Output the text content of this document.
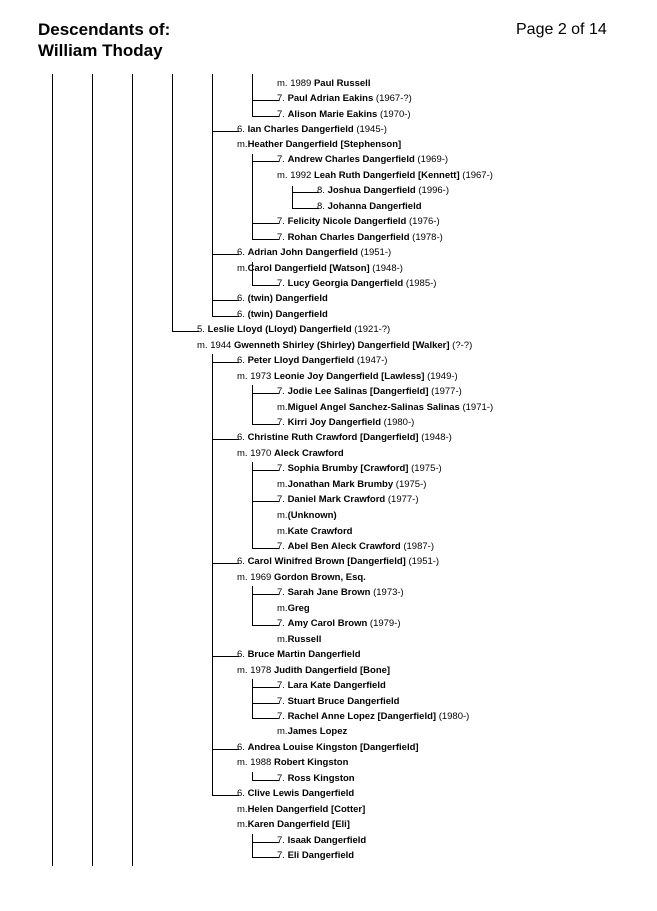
Descendants of:
William Thoday
Page 2 of 14
m. 1989 Paul Russell
7. Paul Adrian Eakins (1967-?)
7. Alison Marie Eakins (1970-)
6. Ian Charles Dangerfield (1945-)
m.Heather Dangerfield [Stephenson]
7. Andrew Charles Dangerfield (1969-)
m. 1992 Leah Ruth Dangerfield [Kennett] (1967-)
8. Joshua Dangerfield (1996-)
8. Johanna Dangerfield
7. Felicity Nicole Dangerfield (1976-)
7. Rohan Charles Dangerfield (1978-)
6. Adrian John Dangerfield (1951-)
m.Carol Dangerfield [Watson] (1948-)
7. Lucy Georgia Dangerfield (1985-)
6. (twin) Dangerfield
6. (twin) Dangerfield
5. Leslie Lloyd (Lloyd) Dangerfield (1921-?)
m. 1944 Gwenneth Shirley (Shirley) Dangerfield [Walker] (?-?)
6. Peter Lloyd Dangerfield (1947-)
m. 1973 Leonie Joy Dangerfield [Lawless] (1949-)
7. Jodie Lee Salinas [Dangerfield] (1977-)
m.Miguel Angel Sanchez-Salinas Salinas (1971-)
7. Kirri Joy Dangerfield (1980-)
6. Christine Ruth Crawford [Dangerfield] (1948-)
m. 1970 Aleck Crawford
7. Sophia Brumby [Crawford] (1975-)
m.Jonathan Mark Brumby (1975-)
7. Daniel Mark Crawford (1977-)
m.(Unknown)
m.Kate Crawford
7. Abel Ben Aleck Crawford (1987-)
6. Carol Winifred Brown [Dangerfield] (1951-)
m. 1969 Gordon Brown, Esq.
7. Sarah Jane Brown (1973-)
m.Greg
7. Amy Carol Brown (1979-)
m.Russell
6. Bruce Martin Dangerfield
m. 1978 Judith Dangerfield [Bone]
7. Lara Kate Dangerfield
7. Stuart Bruce Dangerfield
7. Rachel Anne Lopez [Dangerfield] (1980-)
m.James Lopez
6. Andrea Louise Kingston [Dangerfield]
m. 1988 Robert Kingston
7. Ross Kingston
6. Clive Lewis Dangerfield
m.Helen Dangerfield [Cotter]
m.Karen Dangerfield [Eli]
7. Isaak Dangerfield
7. Eli Dangerfield
